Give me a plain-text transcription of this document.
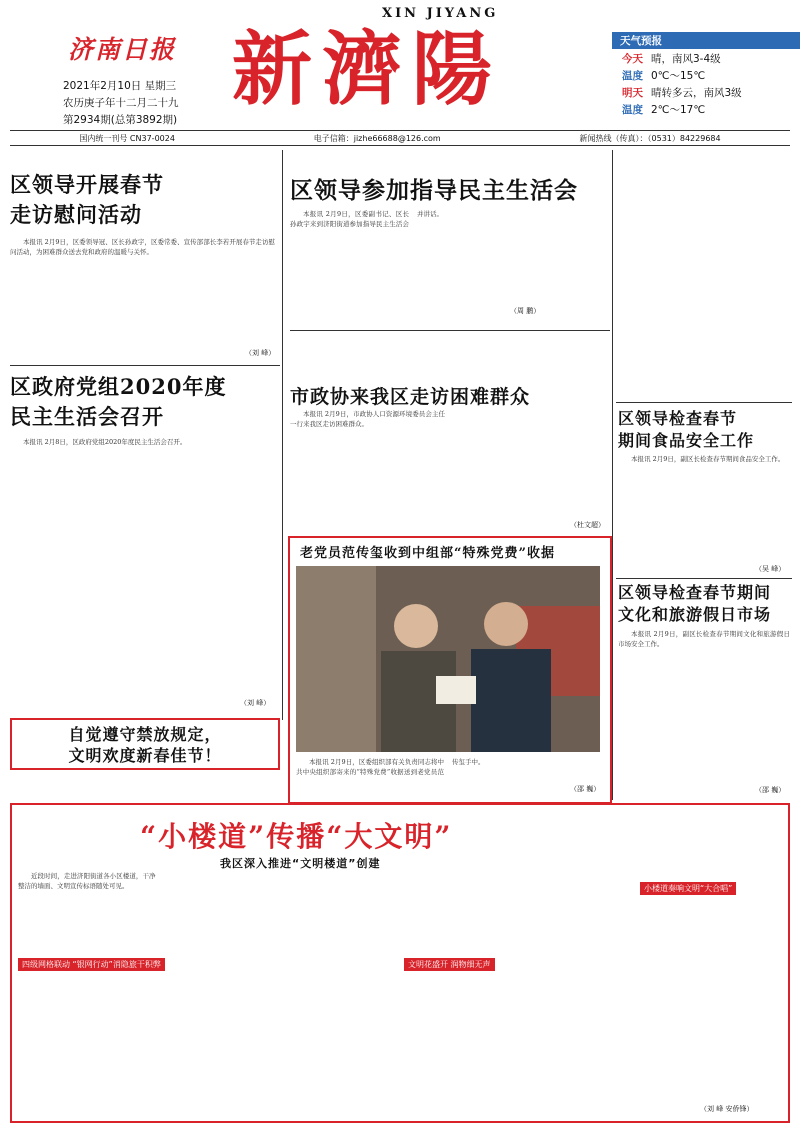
济南日报
2021年2月10日 星期三
农历庚子年十二月二十九
第2934期(总第3892期)
XIN JIYANG
新濟陽	天气预报
今天 晴，南风3-4级
温度 0℃～15℃
明天 晴转多云，南风3级
温度 2℃～17℃
国内统一刊号 CN37-0024	电子信箱：jizhe66688@126.com	新闻热线（传真）：（0531）84229684
区领导开展春节
走访慰问活动

本报讯 2月9日，区委领导冠、区长孙政宇，区委常委、宣传部部长李若开展春节走访慰问活动，为困难群众送去党和政府的温暖与关怀。

（刘 峰）
区领导参加指导民主生活会

本报讯 2月9日，区委副书记、区长孙政宇来到济阳街道参加指导民主生活会并讲话。

（周 鹏）
区政府党组2020年度
民主生活会召开

本报讯 2月8日，区政府党组2020年度民主生活会召开。

（刘 峰）
自觉遵守禁放规定，
文明欢度新春佳节！
市政协来我区走访困难群众

本报讯 2月9日，市政协人口资源环境委员会主任一行来我区走访困难群众。

（杜文超）
老党员范传玺收到中组部“特殊党费”收据

本报讯 2月9日，区委组织部有关负责同志将中共中央组织部寄来的“特殊党费”收据送到老党员范传玺手中。

（邵 巍）
区领导检查春节
期间食品安全工作

本报讯 2月9日，副区长检查春节期间食品安全工作。

（吴 峰）
区领导检查春节期间
文化和旅游假日市场

本报讯 2月9日，副区长检查春节期间文化和旅游假日市场安全工作。

（邵 巍）
“小楼道”传播“大文明”
我区深入推进“文明楼道”创建

近段时间，走进济阳街道各小区楼道，干净整洁的墙面、文明宣传标语随处可见。

四级网格联动 “银网行动”消隐旅干积弊	文明花盛开 润物细无声
小楼道奏响文明“大合唱”
（刘 峰 安侨锋）
